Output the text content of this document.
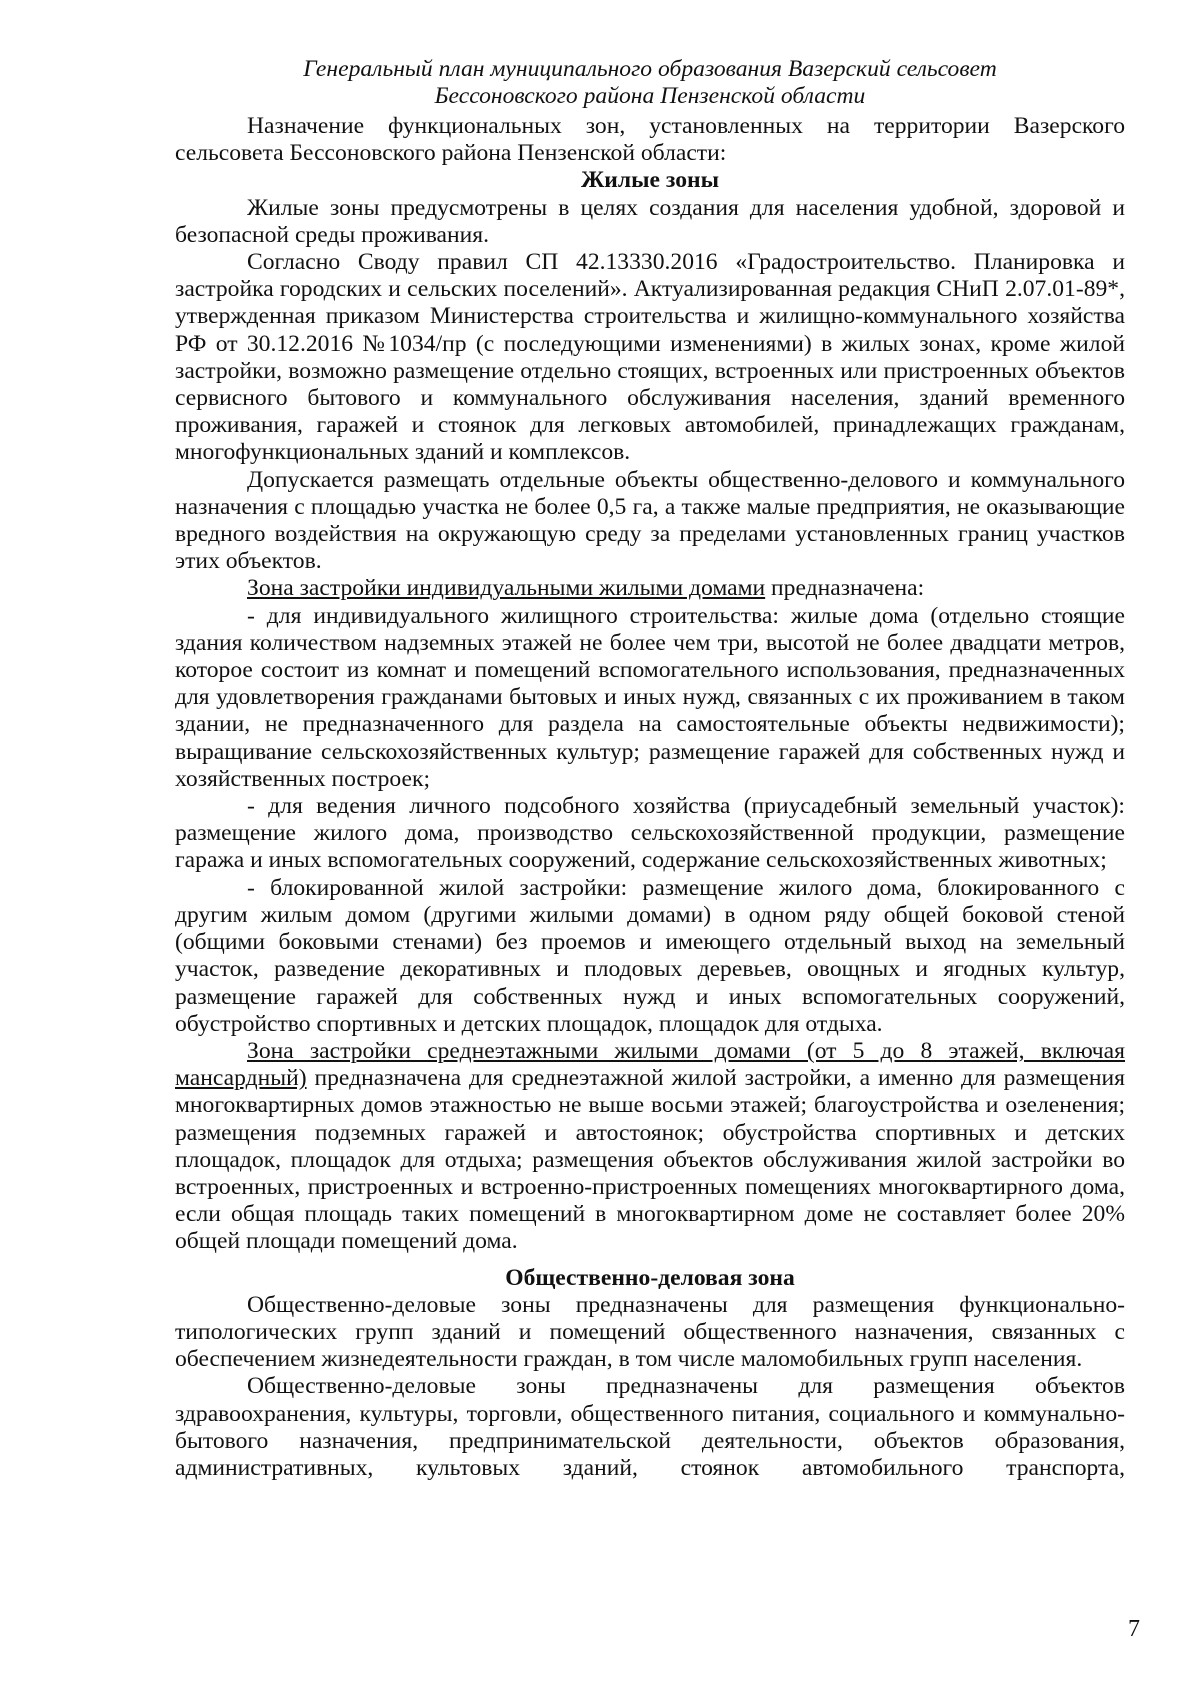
Генеральный план муниципального образования Вазерский сельсовет
Бессоновского района Пензенской области

Назначение функциональных зон, установленных на территории Вазерского сельсовета Бессоновского района Пензенской области:

Жилые зоны

Жилые зоны предусмотрены в целях создания для населения удобной, здоровой и безопасной среды проживания.

Согласно Своду правил СП 42.13330.2016 «Градостроительство. Планировка и застройка городских и сельских поселений». Актуализированная редакция СНиП 2.07.01-89*, утвержденная приказом Министерства строительства и жилищно-коммунального хозяйства РФ от 30.12.2016 №1034/пр (с последующими изменениями) в жилых зонах, кроме жилой застройки, возможно размещение отдельно стоящих, встроенных или пристроенных объектов сервисного бытового и коммунального обслуживания населения, зданий временного проживания, гаражей и стоянок для легковых автомобилей, принадлежащих гражданам, многофункциональных зданий и комплексов.

Допускается размещать отдельные объекты общественно-делового и коммунального назначения с площадью участка не более 0,5 га, а также малые предприятия, не оказывающие вредного воздействия на окружающую среду за пределами установленных границ участков этих объектов.

Зона застройки индивидуальными жилыми домами предназначена:

- для индивидуального жилищного строительства: жилые дома (отдельно стоящие здания количеством надземных этажей не более чем три, высотой не более двадцати метров, которое состоит из комнат и помещений вспомогательного использования, предназначенных для удовлетворения гражданами бытовых и иных нужд, связанных с их проживанием в таком здании, не предназначенного для раздела на самостоятельные объекты недвижимости); выращивание сельскохозяйственных культур; размещение гаражей для собственных нужд и хозяйственных построек;

- для ведения личного подсобного хозяйства (приусадебный земельный участок): размещение жилого дома, производство сельскохозяйственной продукции, размещение гаража и иных вспомогательных сооружений, содержание сельскохозяйственных животных;

- блокированной жилой застройки: размещение жилого дома, блокированного с другим жилым домом (другими жилыми домами) в одном ряду общей боковой стеной (общими боковыми стенами) без проемов и имеющего отдельный выход на земельный участок, разведение декоративных и плодовых деревьев, овощных и ягодных культур, размещение гаражей для собственных нужд и иных вспомогательных сооружений, обустройство спортивных и детских площадок, площадок для отдыха.

Зона застройки среднеэтажными жилыми домами (от 5 до 8 этажей, включая мансардный) предназначена для среднеэтажной жилой застройки, а именно для размещения многоквартирных домов этажностью не выше восьми этажей; благоустройства и озеленения; размещения подземных гаражей и автостоянок; обустройства спортивных и детских площадок, площадок для отдыха; размещения объектов обслуживания жилой застройки во встроенных, пристроенных и встроенно-пристроенных помещениях многоквартирного дома, если общая площадь таких помещений в многоквартирном доме не составляет более 20% общей площади помещений дома.

Общественно-деловая зона

Общественно-деловые зоны предназначены для размещения функционально-типологических групп зданий и помещений общественного назначения, связанных с обеспечением жизнедеятельности граждан, в том числе маломобильных групп населения.

Общественно-деловые зоны предназначены для размещения объектов здравоохранения, культуры, торговли, общественного питания, социального и коммунально-бытового назначения, предпринимательской деятельности, объектов образования, административных, культовых зданий, стоянок автомобильного транспорта,

7
